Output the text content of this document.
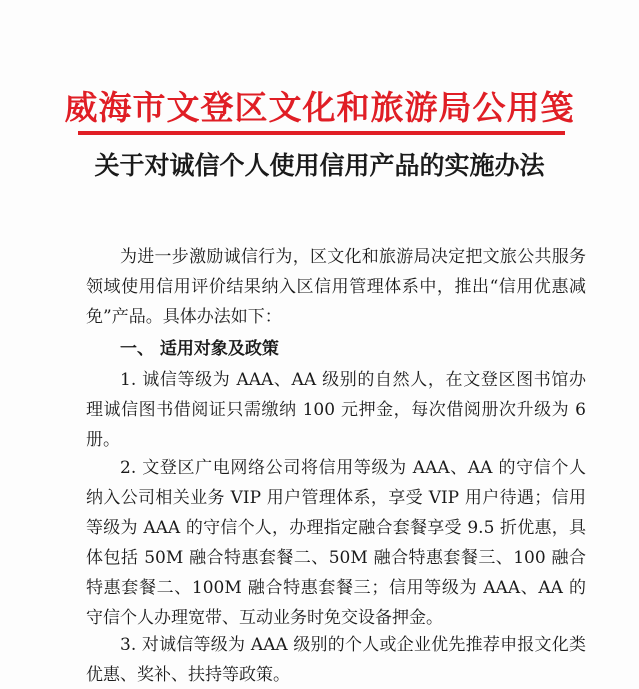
威海市文登区文化和旅游局公用笺
关于对诚信个人使用信用产品的实施办法
为进一步激励诚信行为，区文化和旅游局决定把文旅公共服务领域使用信用评价结果纳入区信用管理体系中，推出“信用优惠减免”产品。具体办法如下：
一、 适用对象及政策
1. 诚信等级为 AAA、AA 级别的自然人，在文登区图书馆办理诚信图书借阅证只需缴纳 100 元押金，每次借阅册次升级为 6 册。
2. 文登区广电网络公司将信用等级为 AAA、AA 的守信个人纳入公司相关业务 VIP 用户管理体系，享受 VIP 用户待遇；信用等级为 AAA 的守信个人，办理指定融合套餐享受 9.5 折优惠，具体包括 50M 融合特惠套餐二、50M 融合特惠套餐三、100 融合特惠套餐二、100M 融合特惠套餐三；信用等级为 AAA、AA 的守信个人办理宽带、互动业务时免交设备押金。
3. 对诚信等级为 AAA 级别的个人或企业优先推荐申报文化类优惠、奖补、扶持等政策。
